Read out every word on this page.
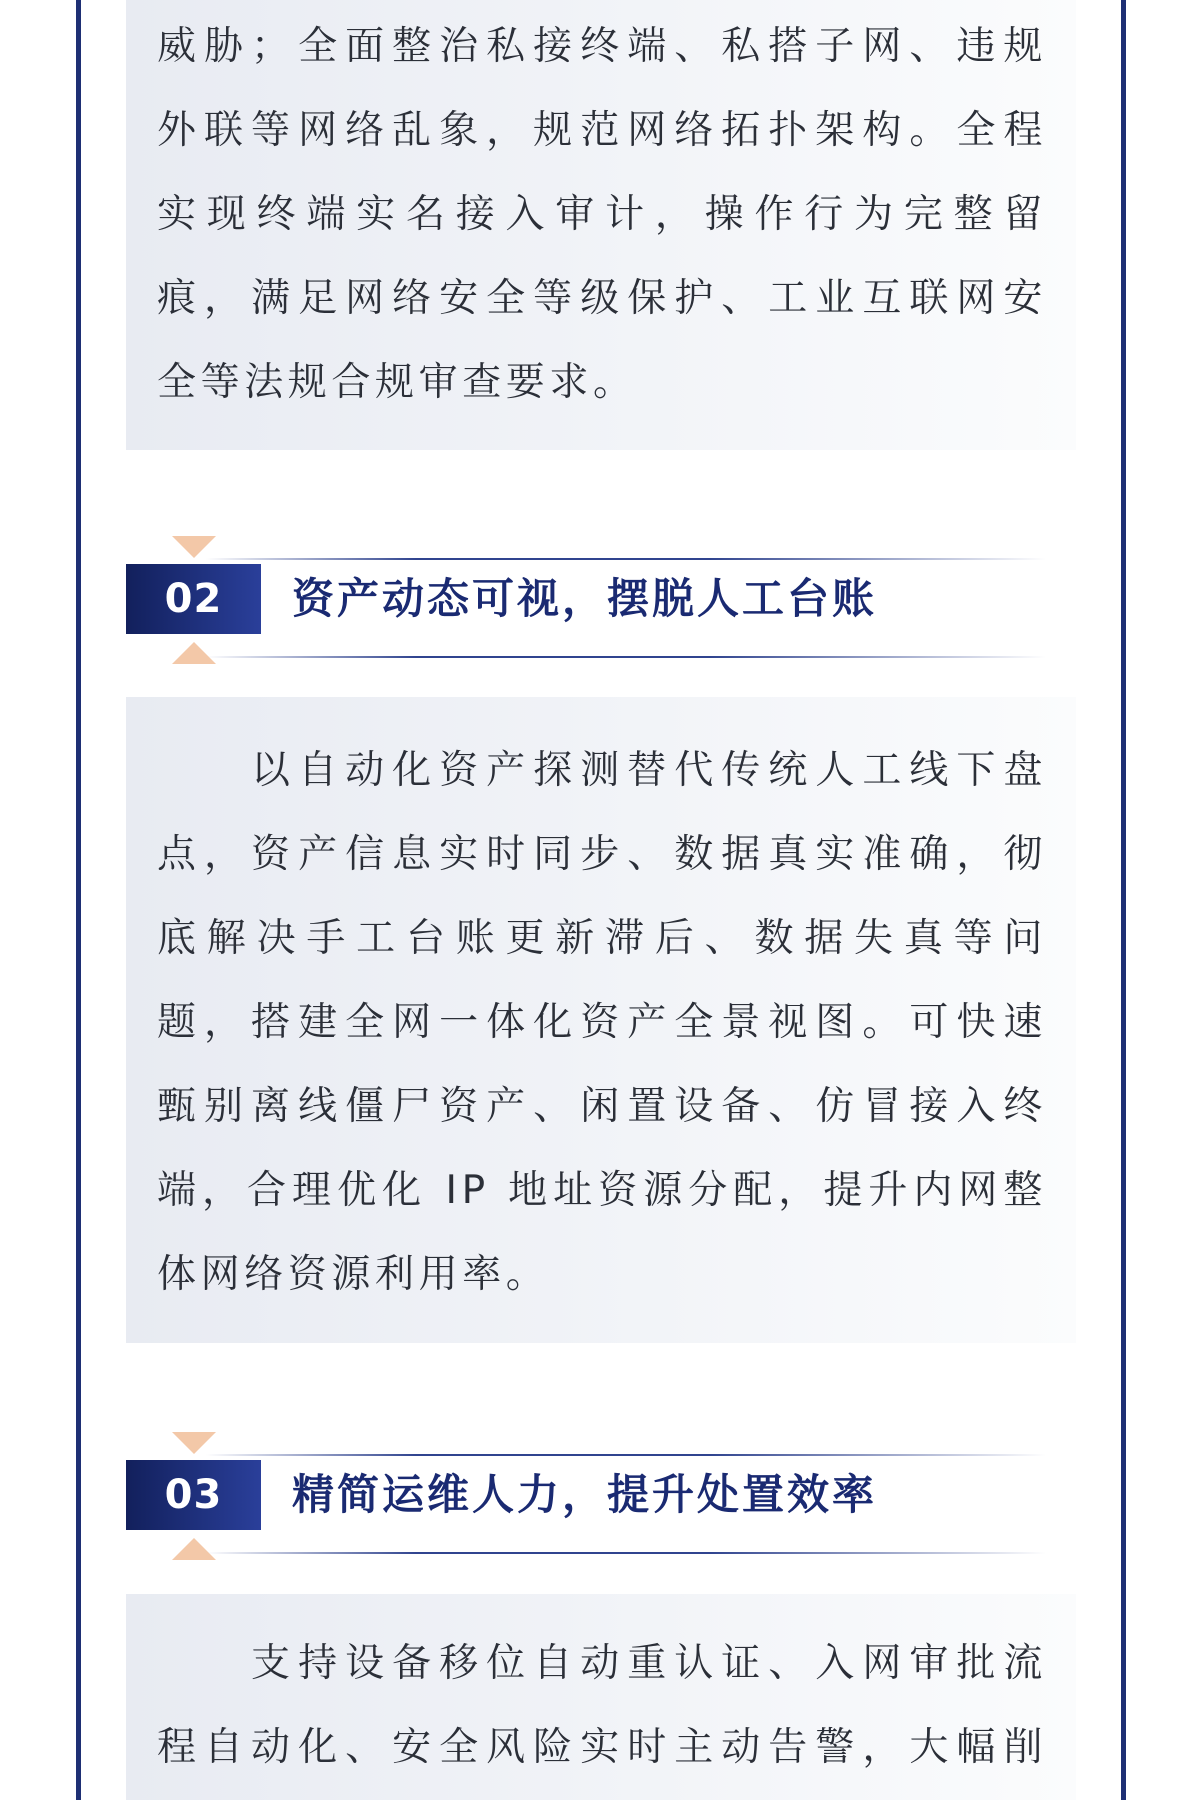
威胁；全面整治私接终端、私搭子网、违规
外联等网络乱象，规范网络拓扑架构。全程
实现终端实名接入审计，操作行为完整留
痕，满足网络安全等级保护、工业互联网安
全等法规合规审查要求。
02	资产动态可视，摆脱人工台账
　　以自动化资产探测替代传统人工线下盘
点，资产信息实时同步、数据真实准确，彻
底解决手工台账更新滞后、数据失真等问
题，搭建全网一体化资产全景视图。可快速
甄别离线僵尸资产、闲置设备、仿冒接入终
端，合理优化 IP 地址资源分配，提升内网整
体网络资源利用率。
03	精简运维人力，提升处置效率
　　支持设备移位自动重认证、入网审批流
程自动化、安全风险实时主动告警，大幅削
